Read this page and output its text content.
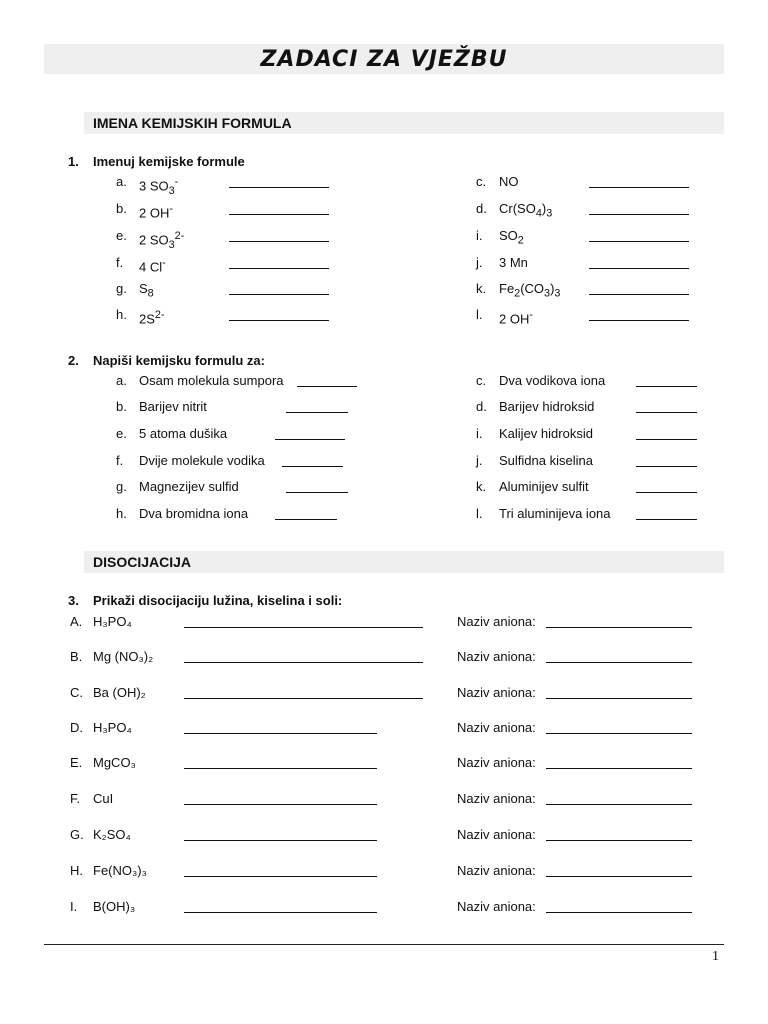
ZADACI ZA VJEŽBU
IMENA KEMIJSKIH FORMULA
1. Imenuj kemijske formule
a. 3 $SO_3^-$
b. 2 OH-
e. 2 $SO_3^{2-}$
f. 4 Cl-
g. $S_8$
h. $2S^{2-}$
c. NO
d. $Cr(SO_4)_3$
i. $SO_2$
j. 3 Mn
k. $Fe_2(CO_3)_3$
l. 2 OH-
2. Napiši kemijsku formulu za:
a. Osam molekula sumpora
b. Barijev nitrit
e. 5 atoma dušika
f. Dvije molekule vodika
g. Magnezijev sulfid
h. Dva bromidna iona
c. Dva vodikova iona
d. Barijev hidroksid
i. Kalijev hidroksid
j. Sulfidna kiselina
k. Aluminijev sulfit
l. Tri aluminijeva iona
DISOCIJACIJA
3. Prikaži disocijaciju lužina, kiselina i soli:
A. H₃PO₄	Naziv aniona:
B. Mg (NO₃)₂	Naziv aniona:
C. Ba (OH)₂	Naziv aniona:
D. H₃PO₄	Naziv aniona:
E. MgCO₃	Naziv aniona:
F. CuI	Naziv aniona:
G. K₂SO₄	Naziv aniona:
H. Fe(NO₃)₃	Naziv aniona:
I. B(OH)₃	Naziv aniona:
1
